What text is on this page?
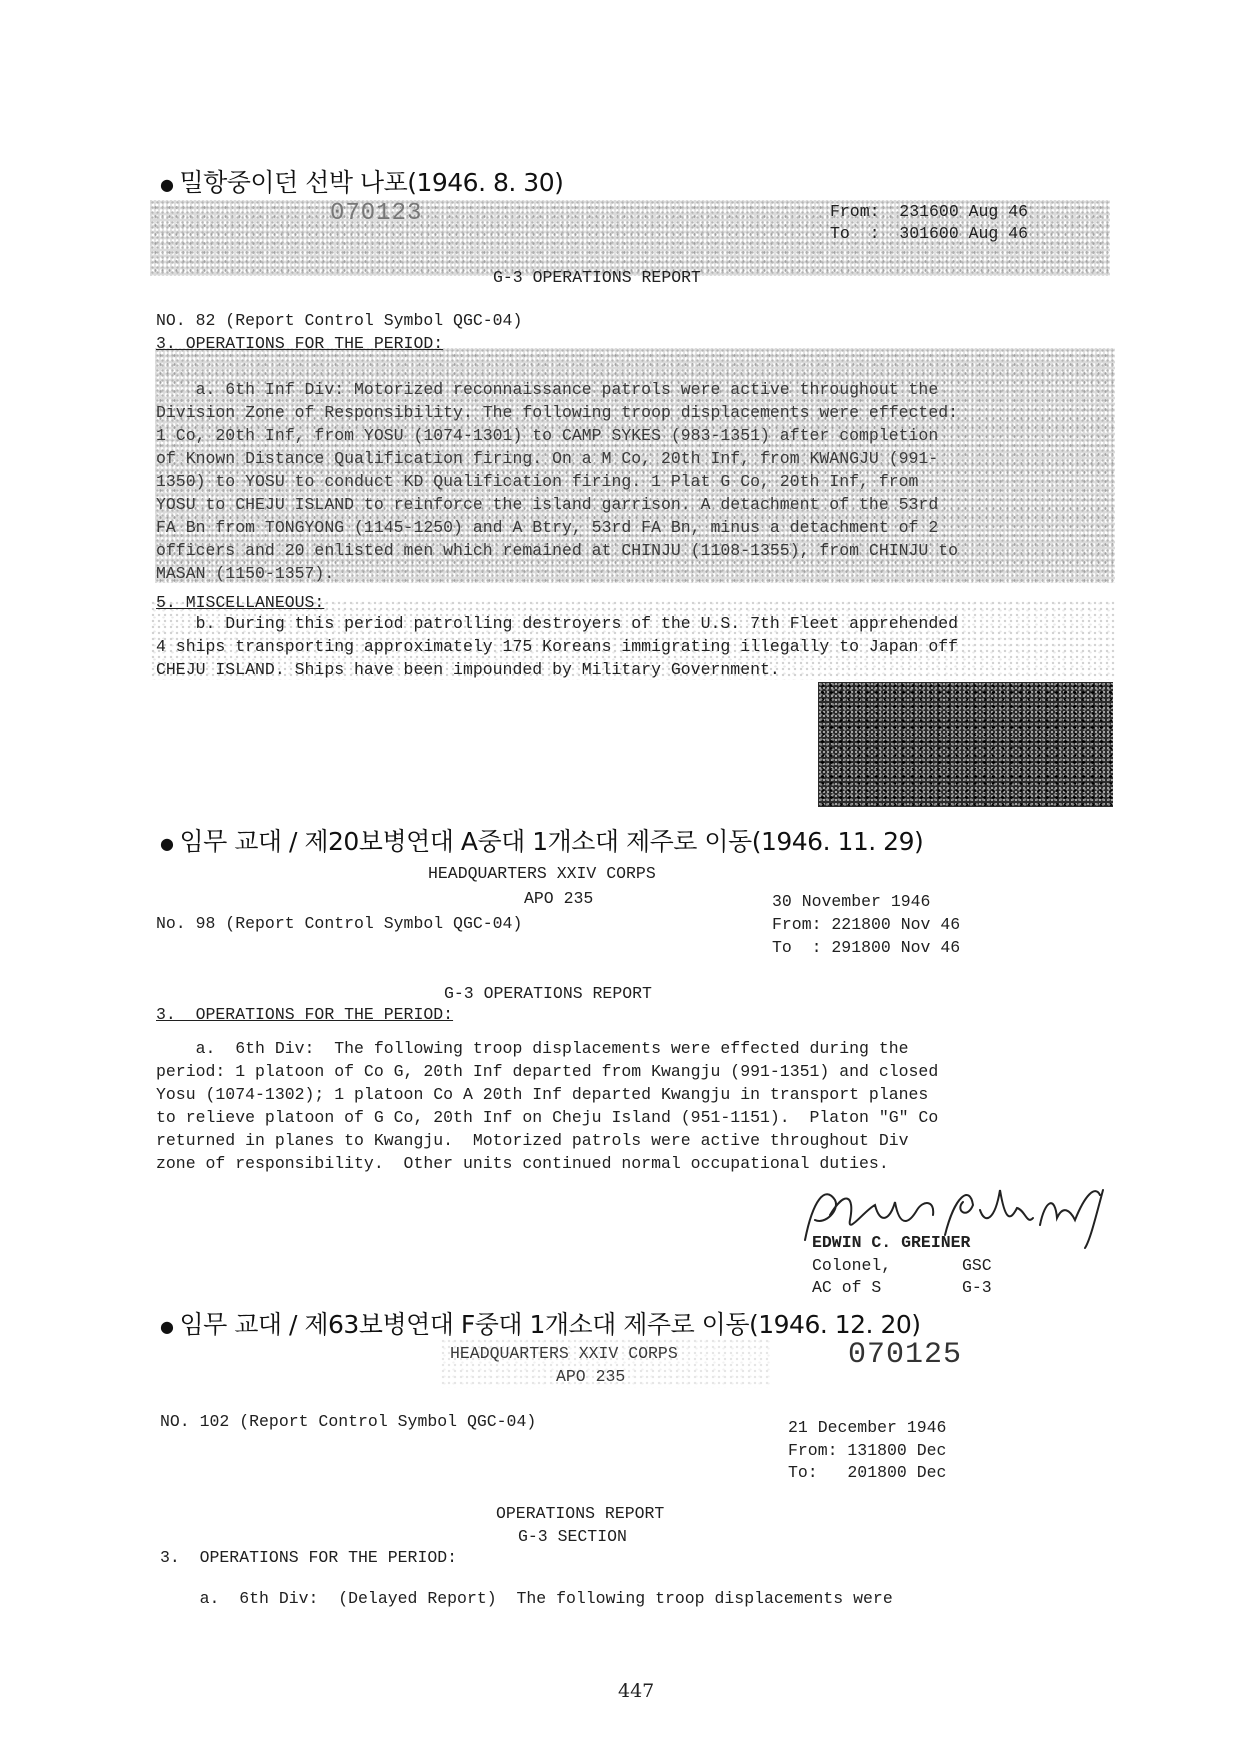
● 밀항중이던 선박 나포(1946. 8. 30)
070123	From:  231600 Aug 46
To  :  301600 Aug 46
G-3 OPERATIONS REPORT
NO. 82 (Report Control Symbol QGC-04)
3. OPERATIONS FOR THE PERIOD:
a. 6th Inf Div: Motorized reconnaissance patrols were active throughout the
Division Zone of Responsibility. The following troop displacements were effected:
1 Co, 20th Inf, from YOSU (1074-1301) to CAMP SYKES (983-1351) after completion
of Known Distance Qualification firing. On a M Co, 20th Inf, from KWANGJU (991-
1350) to YOSU to conduct KD Qualification firing. 1 Plat G Co, 20th Inf, from
YOSU to CHEJU ISLAND to reinforce the island garrison. A detachment of the 53rd
FA Bn from TONGYONG (1145-1250) and A Btry, 53rd FA Bn, minus a detachment of 2
officers and 20 enlisted men which remained at CHINJU (1108-1355), from CHINJU to
MASAN (1150-1357).
5. MISCELLANEOUS:
b. During this period patrolling destroyers of the U.S. 7th Fleet apprehended
4 ships transporting approximately 175 Koreans immigrating illegally to Japan off
CHEJU ISLAND. Ships have been impounded by Military Government.
● 임무 교대 / 제20보병연대 A중대 1개소대 제주로 이동(1946. 11. 29)
HEADQUARTERS XXIV CORPS
APO 235
No. 98 (Report Control Symbol QGC-04)
30 November 1946
From: 221800 Nov 46
To  : 291800 Nov 46
G-3 OPERATIONS REPORT
3.  OPERATIONS FOR THE PERIOD:
a.  6th Div:  The following troop displacements were effected during the
period: 1 platoon of Co G, 20th Inf departed from Kwangju (991-1351) and closed
Yosu (1074-1302); 1 platoon Co A 20th Inf departed Kwangju in transport planes
to relieve platoon of G Co, 20th Inf on Cheju Island (951-1151).  Platon "G" Co
returned in planes to Kwangju.  Motorized patrols were active throughout Div
zone of responsibility.  Other units continued normal occupational duties.
EDWIN C. GREINER
Colonel,	GSC
AC of S	G-3
● 임무 교대 / 제63보병연대 F중대 1개소대 제주로 이동(1946. 12. 20)
HEADQUARTERS XXIV CORPS
APO 235
070125
NO. 102 (Report Control Symbol QGC-04)	21 December 1946
From: 131800 Dec
To:   201800 Dec
OPERATIONS REPORT
G-3 SECTION
3.  OPERATIONS FOR THE PERIOD:
a.  6th Div:  (Delayed Report)  The following troop displacements were
447
